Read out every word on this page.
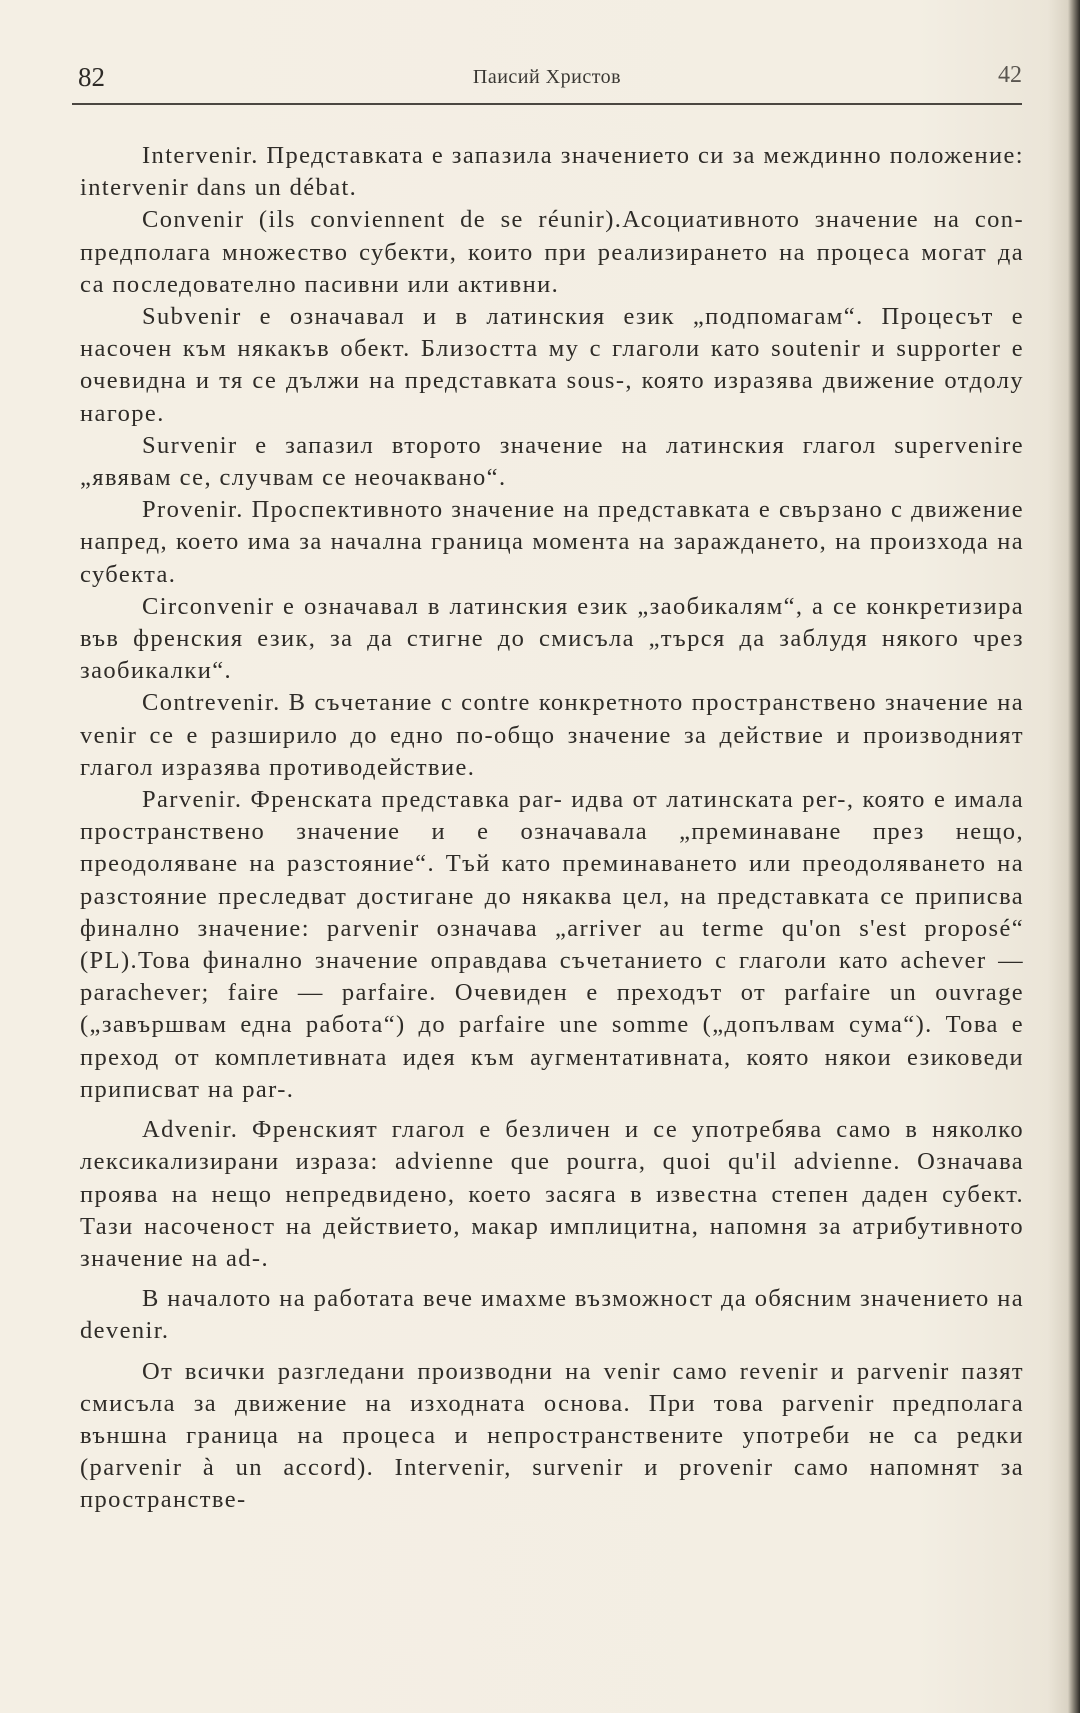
82	Паисий Христов	42

Intervenir. Представката е запазила значението си за междинно положение: intervenir dans un débat.

Convenir (ils conviennent de se réunir).Асоциативното значение на con- предполага множество субекти, които при реализирането на процеса могат да са последователно пасивни или активни.

Subvenir е означавал и в латинския език „подпомагам“. Процесът е насочен към някакъв обект. Близостта му с глаголи като soutenir и supporter е очевидна и тя се дължи на представката sous-, която изразява движение отдолу нагоре.

Survenir е запазил второто значение на латинския глагол supervenire „явявам се, случвам се неочаквано“.

Provenir. Проспективното значение на представката е свързано с движение напред, което има за начална граница момента на зараждането, на произхода на субекта.

Circonvenir е означавал в латинския език „заобикалям“, а се конкретизира във френския език, за да стигне до смисъла „търся да заблудя някого чрез заобикалки“.

Contrevenir. В съчетание с contre конкретното пространствено значение на venir се е разширило до едно по-общо значение за действие и производният глагол изразява противодействие.

Parvenir. Френската представка par- идва от латинската per-, която е имала пространствено значение и е означавала „преминаване през нещо, преодоляване на разстояние“. Тъй като преминаването или преодоляването на разстояние преследват достигане до някаква цел, на представката се приписва финално значение: parvenir означава „arriver au terme qu'on s'est proposé“ (PL).Това финално значение оправдава съчетанието с глаголи като achever — parachever; faire — parfaire. Очевиден е преходът от parfaire un ouvrage („завършвам една работа“) до parfaire une somme („допълвам сума“). Това е преход от комплетивната идея към аугментативната, която някои езиковеди приписват на par-.

Advenir. Френският глагол е безличен и се употребява само в няколко лексикализирани израза: advienne que pourra, quoi qu'il advienne. Означава проява на нещо непредвидено, което засяга в известна степен даден субект. Тази насоченост на действието, макар имплицитна, напомня за атрибутивното значение на ad-.

В началото на работата вече имахме възможност да обясним значението на devenir.

От всички разгледани производни на venir само revenir и parvenir пазят смисъла за движение на изходната основа. При това parvenir предполага външна граница на процеса и непространствените употреби не са редки (parvenir à un accord). Intervenir, survenir и provenir само напомнят за пространстве-
